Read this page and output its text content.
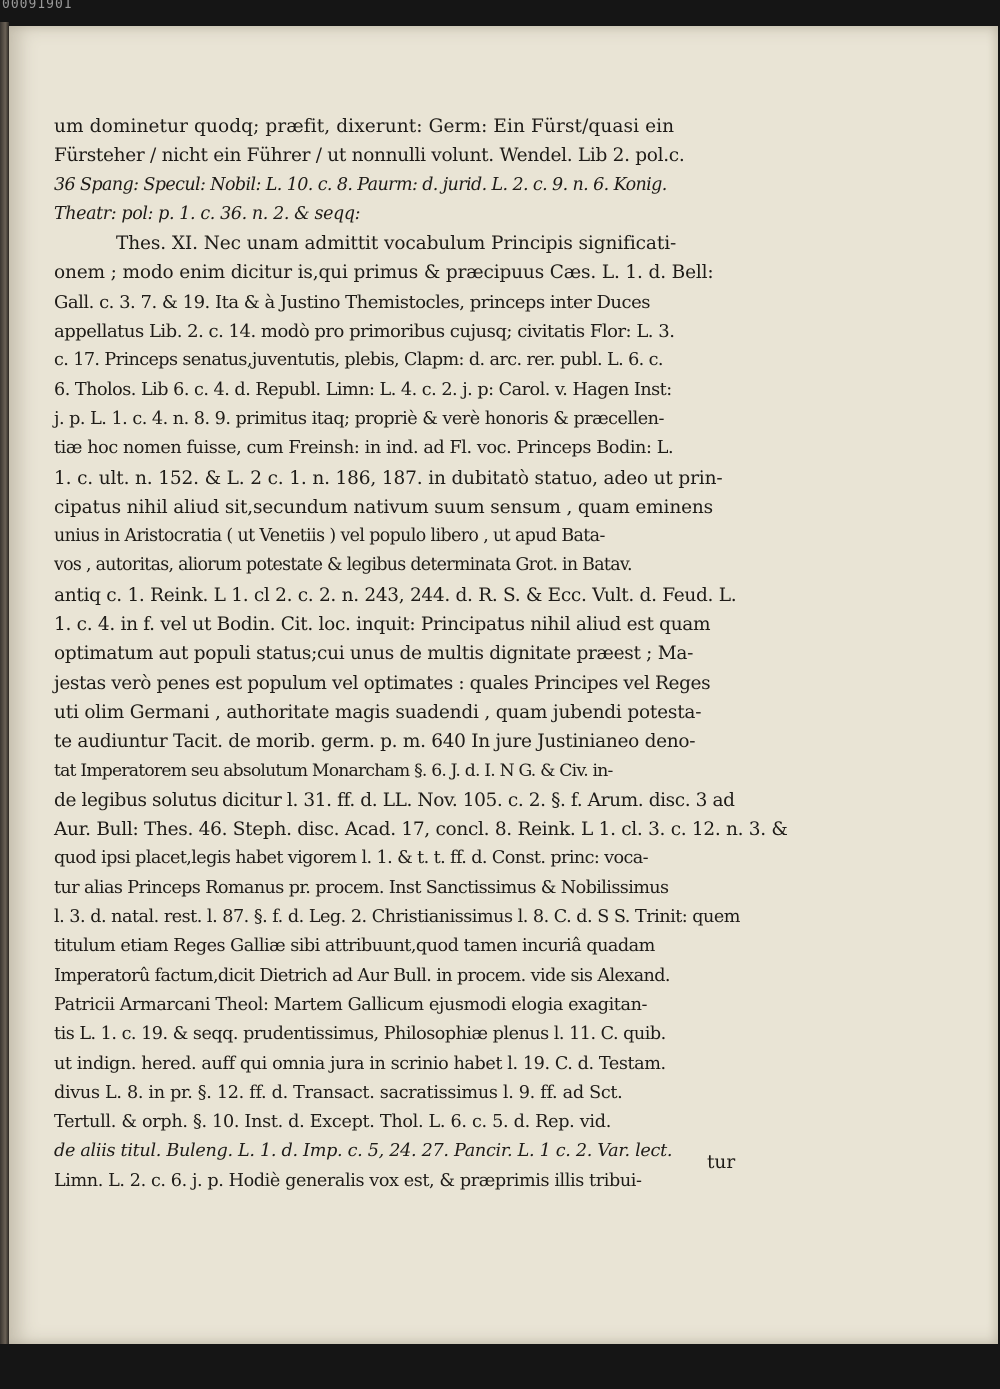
00091901
um dominetur quodq; præfit, dixerunt: Germ: Ein Fürst/quasi ein
Fürsteher / nicht ein Führer / ut nonnulli volunt. Wendel. Lib 2. pol.c.
36 Spang: Specul: Nobil: L. 10. c. 8. Paurm: d. jurid. L. 2. c. 9. n. 6. Konig.
Theatr: pol: p. 1. c. 36. n. 2. & seqq:
Thes. XI. Nec unam admittit vocabulum Principis significati-
onem ; modo enim dicitur is,qui primus & præcipuus Cæs. L. 1. d. Bell:
Gall. c. 3. 7. & 19. Ita & à Justino Themistocles, princeps inter Duces
appellatus Lib. 2. c. 14. modò pro primoribus cujusq; civitatis Flor: L. 3.
c. 17. Princeps senatus,juventutis, plebis, Clapm: d. arc. rer. publ. L. 6. c.
6. Tholos. Lib 6. c. 4. d. Republ. Limn: L. 4. c. 2. j. p: Carol. v. Hagen Inst:
j. p. L. 1. c. 4. n. 8. 9. primitus itaq; propriè & verè honoris & præcellen-
tiæ hoc nomen fuisse, cum Freinsh: in ind. ad Fl. voc. Princeps Bodin: L.
1. c. ult. n. 152. & L. 2 c. 1. n. 186, 187. in dubitatò statuo, adeo ut prin-
cipatus nihil aliud sit,secundum nativum suum sensum , quam eminens
unius in Aristocratia ( ut Venetiis ) vel populo libero , ut apud Bata-
vos , autoritas, aliorum potestate & legibus determinata Grot. in Batav.
antiq c. 1. Reink. L 1. cl 2. c. 2. n. 243, 244. d. R. S. & Ecc. Vult. d. Feud. L.
1. c. 4. in f. vel ut Bodin. Cit. loc. inquit: Principatus nihil aliud est quam
optimatum aut populi status;cui unus de multis dignitate præest ; Ma-
jestas verò penes est populum vel optimates : quales Principes vel Reges
uti olim Germani , authoritate magis suadendi , quam jubendi potesta-
te audiuntur Tacit. de morib. germ. p. m. 640 In jure Justinianeo deno-
tat Imperatorem seu absolutum Monarcham §. 6. J. d. I. N G. & Civ. in-
de legibus solutus dicitur l. 31. ff. d. LL. Nov. 105. c. 2. §. f. Arum. disc. 3 ad
Aur. Bull: Thes. 46. Steph. disc. Acad. 17, concl. 8. Reink. L 1. cl. 3. c. 12. n. 3. &
quod ipsi placet,legis habet vigorem l. 1. & t. t. ff. d. Const. princ: voca-
tur alias Princeps Romanus pr. procem. Inst Sanctissimus & Nobilissimus
l. 3. d. natal. rest. l. 87. §. f. d. Leg. 2. Christianissimus l. 8. C. d. S S. Trinit: quem
titulum etiam Reges Galliæ sibi attribuunt,quod tamen incuriâ quadam
Imperatorû factum,dicit Dietrich ad Aur Bull. in procem. vide sis Alexand.
Patricii Armarcani Theol: Martem Gallicum ejusmodi elogia exagitan-
tis L. 1. c. 19. & seqq. prudentissimus, Philosophiæ plenus l. 11. C. quib.
ut indign. hered. auff qui omnia jura in scrinio habet l. 19. C. d. Testam.
divus L. 8. in pr. §. 12. ff. d. Transact. sacratissimus l. 9. ff. ad Sct.
Tertull. & orph. §. 10. Inst. d. Except. Thol. L. 6. c. 5. d. Rep. vid.
de aliis titul. Buleng. L. 1. d. Imp. c. 5, 24. 27. Pancir. L. 1 c. 2. Var. lect.
Limn. L. 2. c. 6. j. p. Hodiè generalis vox est, & præprimis illis tribui-
tur
